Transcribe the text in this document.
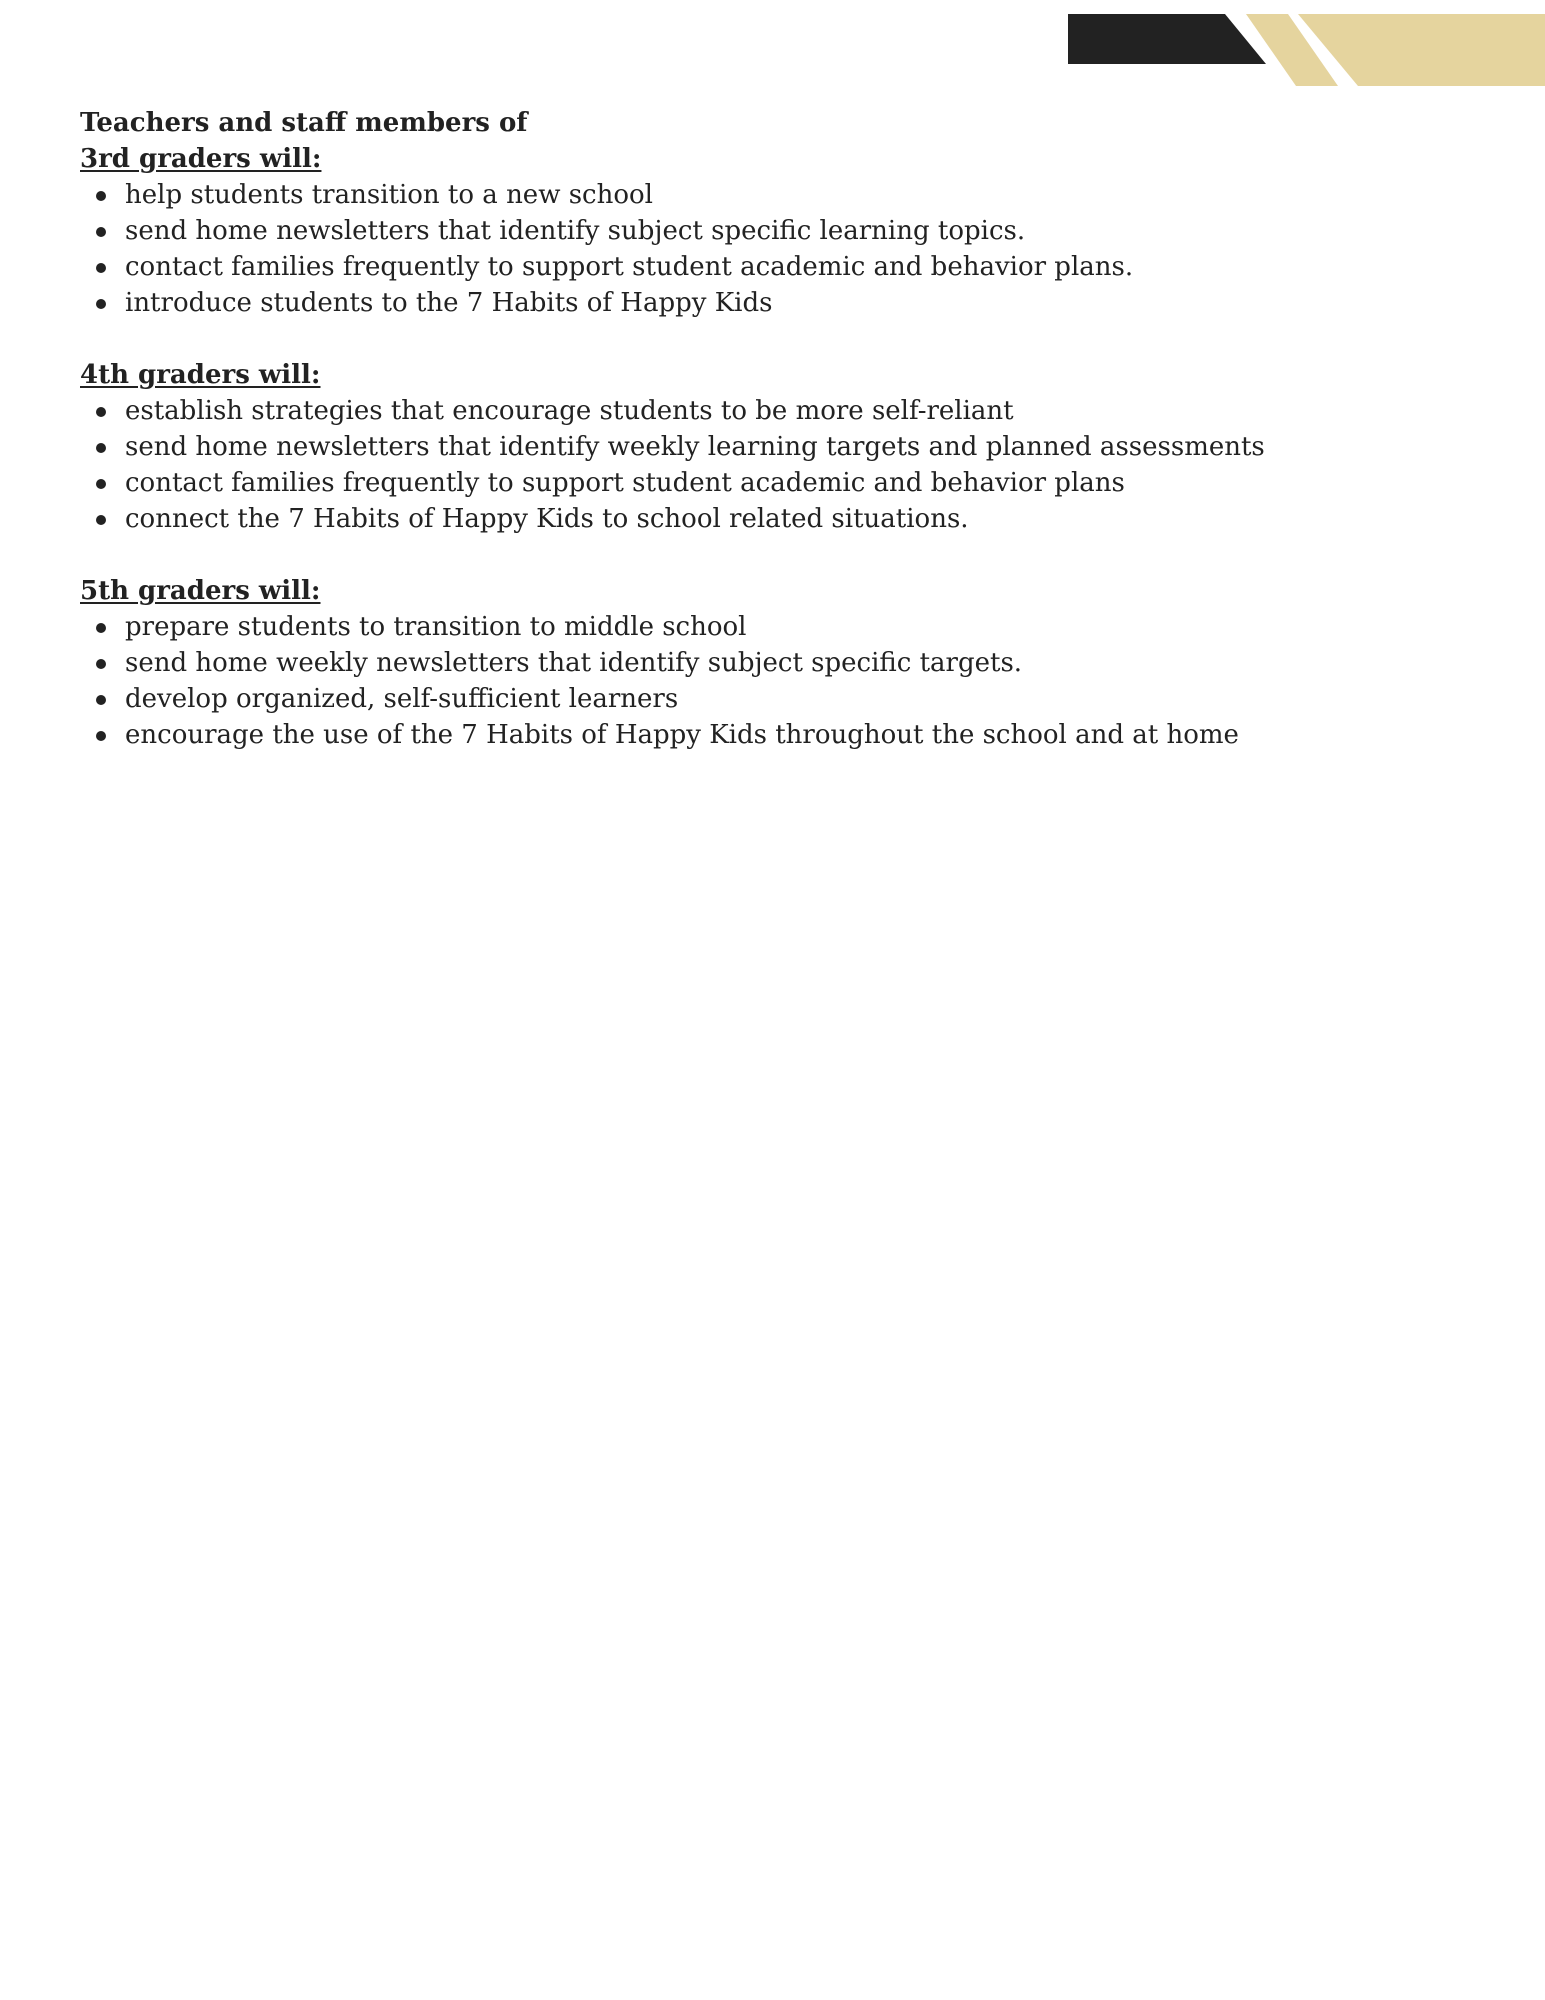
Teachers and staff members of

3rd graders will:

help students transition to a new school
send home newsletters that identify subject specific learning topics.
contact families frequently to support student academic and behavior plans.
introduce students to the 7 Habits of Happy Kids

4th graders will:

establish strategies that encourage students to be more self-reliant
send home newsletters that identify weekly learning targets and planned assessments
contact families frequently to support student academic and behavior plans
connect the 7 Habits of Happy Kids to school related situations.

5th graders will:

prepare students to transition to middle school
send home weekly newsletters that identify subject specific targets.
develop organized, self-sufficient learners
encourage the use of the 7 Habits of Happy Kids throughout the school and at home
